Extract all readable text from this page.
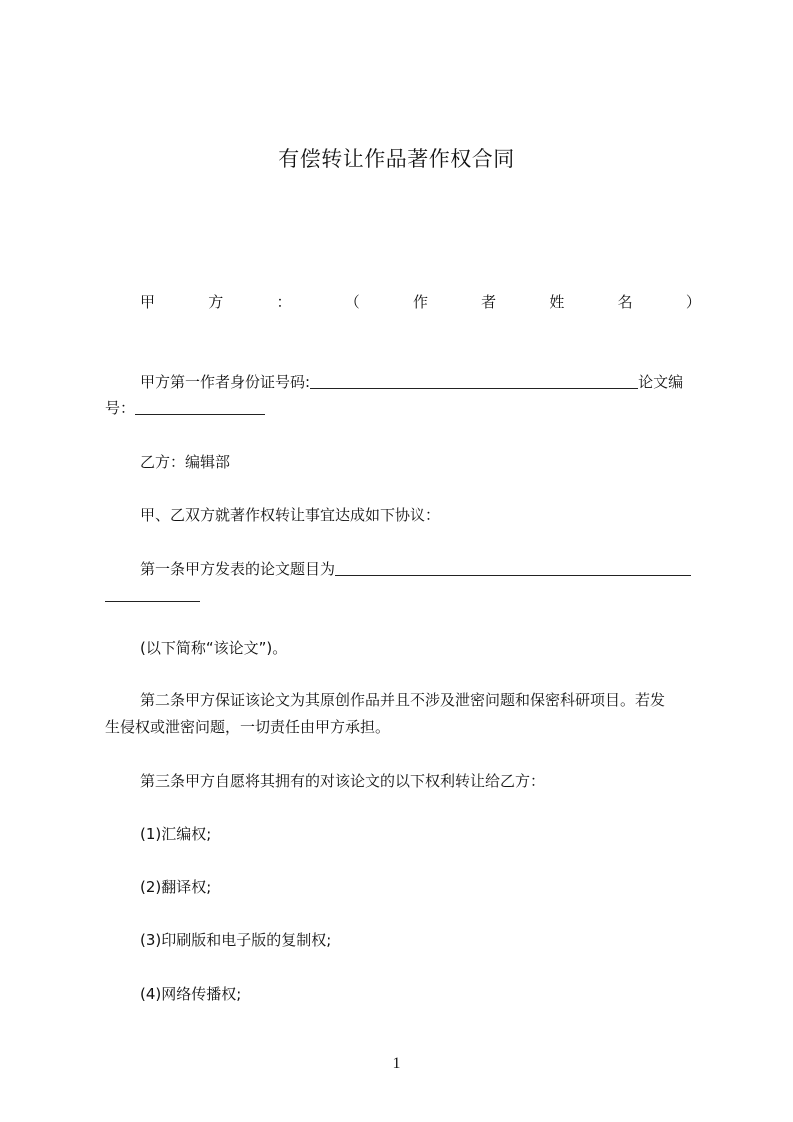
有偿转让作品著作权合同
甲	方	：	（	作	者	姓	名	）
甲方第一作者身份证号码:	论文编
号：
乙方：编辑部
甲、乙双方就著作权转让事宜达成如下协议：
第一条甲方发表的论文题目为
(以下简称“该论文”)。
第二条甲方保证该论文为其原创作品并且不涉及泄密问题和保密科研项目。若发
生侵权或泄密问题，一切责任由甲方承担。
第三条甲方自愿将其拥有的对该论文的以下权利转让给乙方：
(1)汇编权;
(2)翻译权;
(3)印刷版和电子版的复制权;
(4)网络传播权;
1
